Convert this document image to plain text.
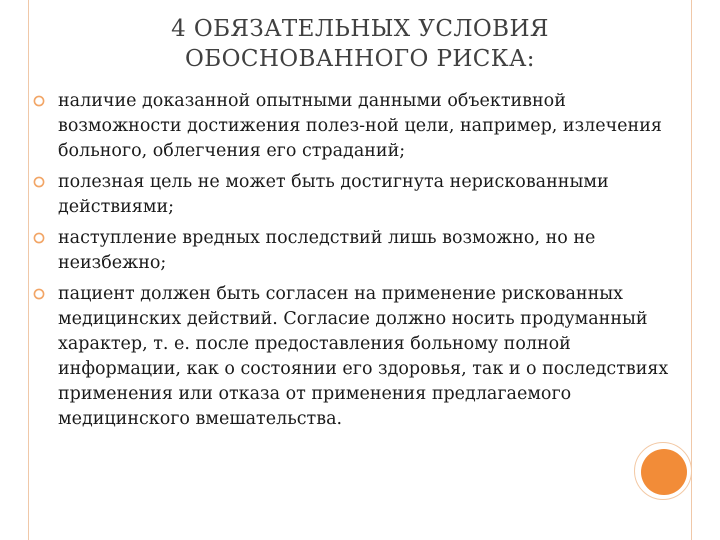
4 ОБЯЗАТЕЛЬНЫХ УСЛОВИЯ
ОБОСНОВАННОГО РИСКА:
наличие доказанной опытными данными объективной возможности достижения полез-ной цели, например, излечения больного, облегчения его страданий;
полезная цель не может быть достигнута нерискованными действиями;
наступление вредных последствий лишь возможно, но не неизбежно;
пациент должен быть согласен на применение рискованных медицинских действий. Согласие должно носить продуманный характер, т. е. после предоставления больному полной информации, как о состоянии его здоровья, так и о последствиях применения или отказа от применения предлагаемого медицинского вмешательства.
